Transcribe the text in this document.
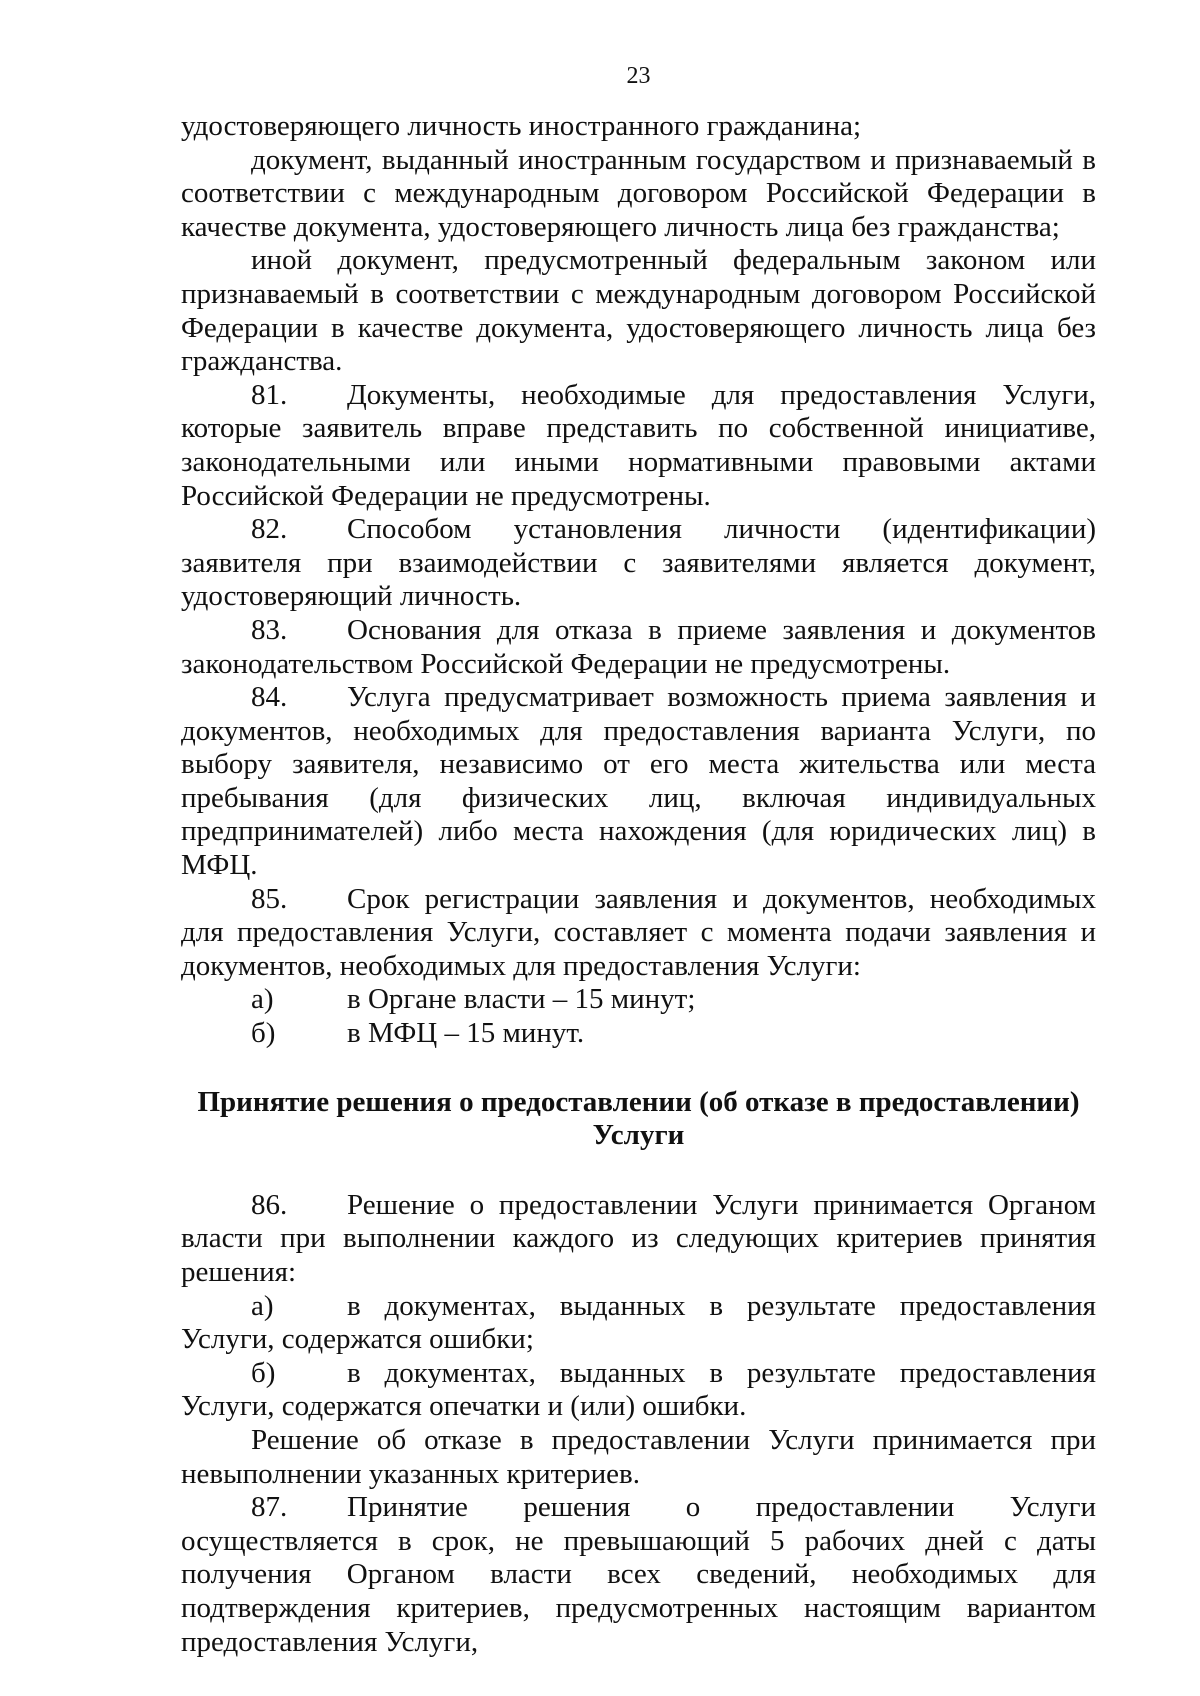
23

удостоверяющего личность иностранного гражданина;

документ, выданный иностранным государством и признаваемый в соответствии с международным договором Российской Федерации в качестве документа, удостоверяющего личность лица без гражданства;

иной документ, предусмотренный федеральным законом или признаваемый в соответствии с международным договором Российской Федерации в качестве документа, удостоверяющего личность лица без гражданства.

81. Документы, необходимые для предоставления Услуги, которые заявитель вправе представить по собственной инициативе, законодательными или иными нормативными правовыми актами Российской Федерации не предусмотрены.

82. Способом установления личности (идентификации) заявителя при взаимодействии с заявителями является документ, удостоверяющий личность.

83. Основания для отказа в приеме заявления и документов законодательством Российской Федерации не предусмотрены.

84. Услуга предусматривает возможность приема заявления и документов, необходимых для предоставления варианта Услуги, по выбору заявителя, независимо от его места жительства или места пребывания (для физических лиц, включая индивидуальных предпринимателей) либо места нахождения (для юридических лиц) в МФЦ.

85. Срок регистрации заявления и документов, необходимых для предоставления Услуги, составляет с момента подачи заявления и документов, необходимых для предоставления Услуги:

а)	в Органе власти – 15 минут;

б) в МФЦ – 15 минут.

Принятие решения о предоставлении (об отказе в предоставлении)
Услуги

86. Решение о предоставлении Услуги принимается Органом власти при выполнении каждого из следующих критериев принятия решения:

а)	в документах, выданных в результате предоставления Услуги, содержатся ошибки;

б) в документах, выданных в результате предоставления Услуги, содержатся опечатки и (или) ошибки.

Решение об отказе в предоставлении Услуги принимается при невыполнении указанных критериев.

87. Принятие решения о предоставлении Услуги осуществляется в срок, не превышающий 5 рабочих дней с даты получения Органом власти всех сведений, необходимых для подтверждения критериев, предусмотренных настоящим вариантом предоставления Услуги,
